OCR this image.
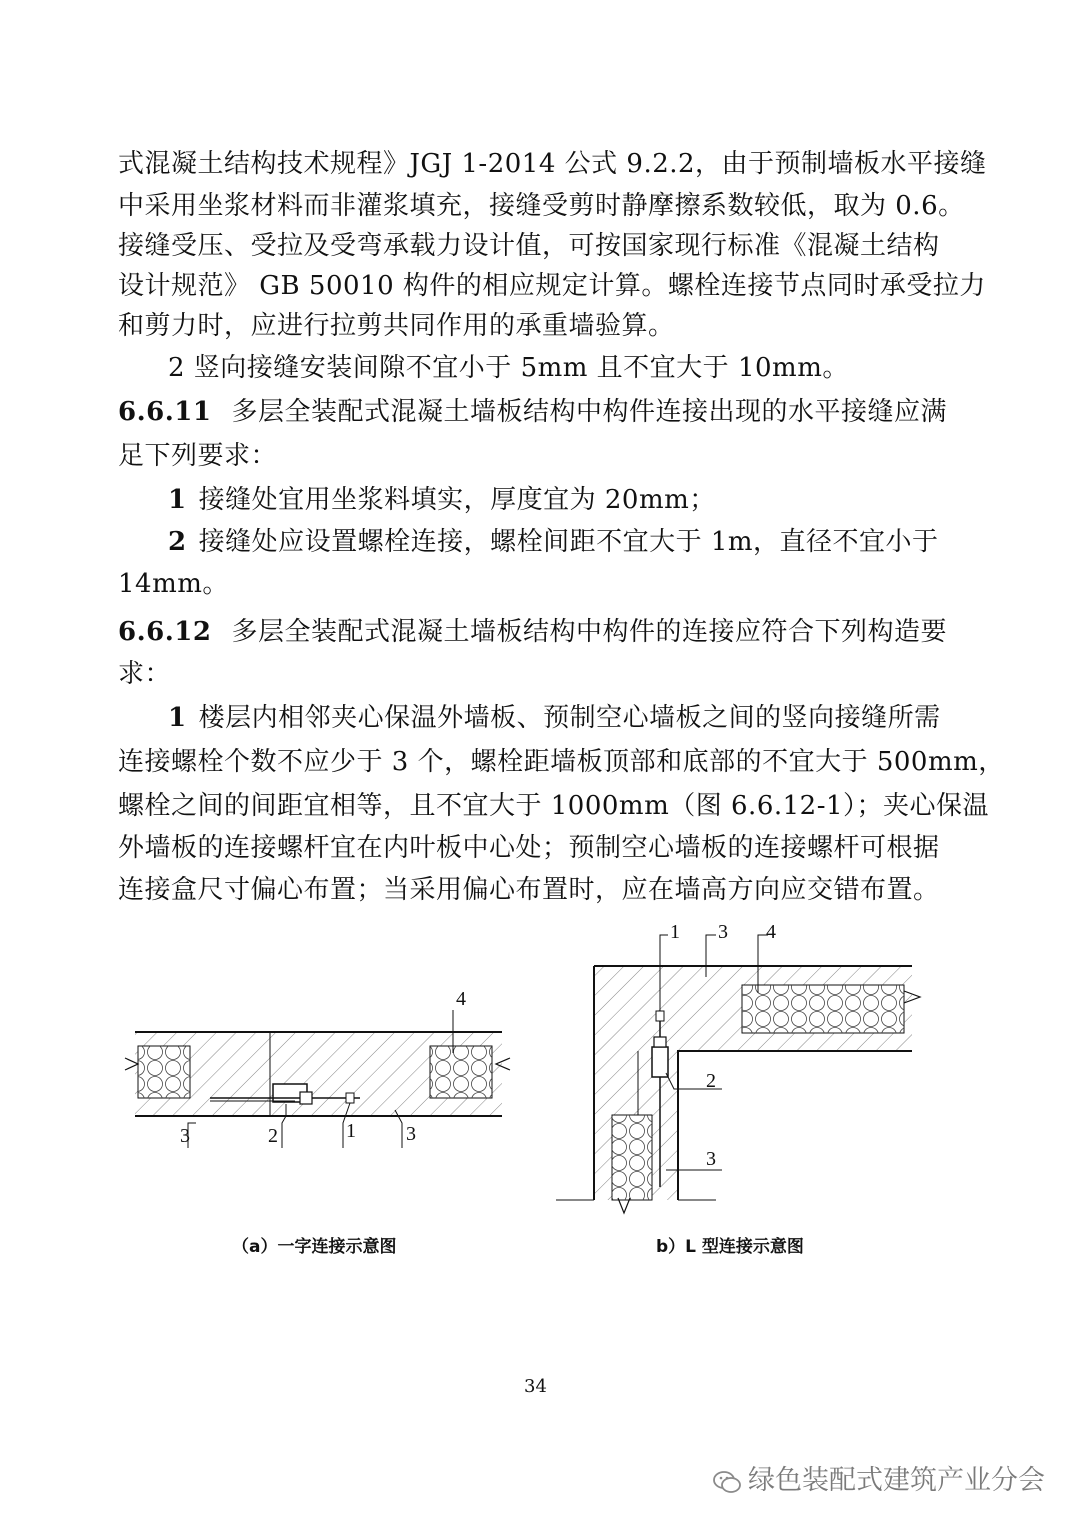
式混凝土结构技术规程》JGJ 1-2014 公式 9.2.2，由于预制墙板水平接缝
中采用坐浆材料而非灌浆填充，接缝受剪时静摩擦系数较低，取为 0.6。
接缝受压、受拉及受弯承载力设计值，可按国家现行标准《混凝土结构
设计规范》 GB 50010 构件的相应规定计算。螺栓连接节点同时承受拉力
和剪力时，应进行拉剪共同作用的承重墙验算。
2 竖向接缝安装间隙不宜小于 5mm 且不宜大于 10mm。
6.6.11 多层全装配式混凝土墙板结构中构件连接出现的水平接缝应满
足下列要求：
1 接缝处宜用坐浆料填实，厚度宜为 20mm；
2 接缝处应设置螺栓连接，螺栓间距不宜大于 1m，直径不宜小于
14mm。
6.6.12 多层全装配式混凝土墙板结构中构件的连接应符合下列构造要
求：
1 楼层内相邻夹心保温外墙板、预制空心墙板之间的竖向接缝所需
连接螺栓个数不应少于 3 个，螺栓距墙板顶部和底部的不宜大于 500mm，
螺栓之间的间距宜相等，且不宜大于 1000mm（图 6.6.12-1）；夹心保温
外墙板的连接螺杆宜在内叶板中心处；预制空心墙板的连接螺杆可根据
连接盒尺寸偏心布置；当采用偏心布置时，应在墙高方向应交错布置。
3	2	1	3
4
1 3 4
2
3
（a）一字连接示意图	b）L 型连接示意图
34
绿色装配式建筑产业分会
